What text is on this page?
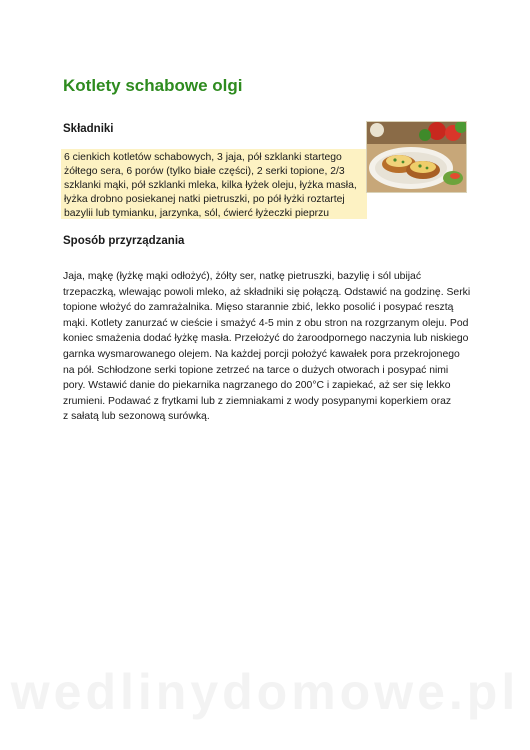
Kotlety schabowe olgi
Składniki
6 cienkich kotletów schabowych, 3 jaja, pół szklanki startego
żółtego sera, 6 porów (tylko białe części), 2 serki topione, 2/3
szklanki mąki, pół szklanki mleka, kilka łyżek oleju, łyżka masła,
łyżka drobno posiekanej natki pietruszki, po pół łyżki roztartej
bazylii lub tymianku, jarzynka, sól, ćwierć łyżeczki pieprzu
Sposób przyrządzania
Jaja, mąkę (łyżkę mąki odłożyć), żółty ser, natkę pietruszki, bazylię i sól ubijać
trzepaczką, wlewając powoli mleko, aż składniki się połączą. Odstawić na godzinę. Serki
topione włożyć do zamrażalnika. Mięso starannie zbić, lekko posolić i posypać resztą
mąki. Kotlety zanurzać w cieście i smażyć 4-5 min z obu stron na rozgrzanym oleju. Pod
koniec smażenia dodać łyżkę masła. Przełożyć do żaroodpornego naczynia lub niskiego
garnka wysmarowanego olejem. Na każdej porcji położyć kawałek pora przekrojonego
na pół. Schłodzone serki topione zetrzeć na tarce o dużych otworach i posypać nimi
pory. Wstawić danie do piekarnika nagrzanego do 200°C i zapiekać, aż ser się lekko
zrumieni. Podawać z frytkami lub z ziemniakami z wody posypanymi koperkiem oraz
z sałatą lub sezonową surówką.
wedlinydomowe.pl
